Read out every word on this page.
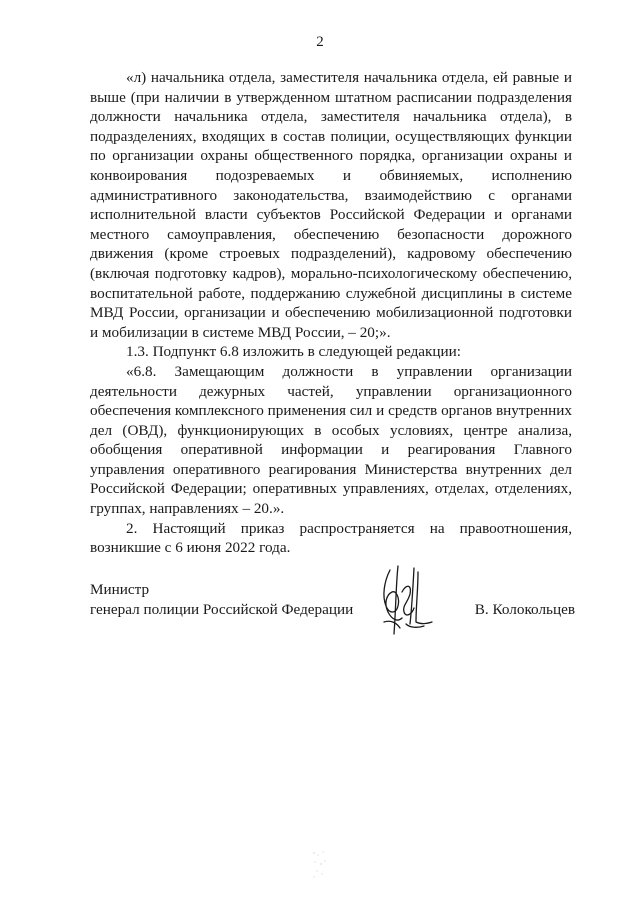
2

«л) начальника отдела, заместителя начальника отдела, ей равные и выше (при наличии в утвержденном штатном расписании подразделения должности начальника отдела, заместителя начальника отдела), в подразделениях, входящих в состав полиции, осуществляющих функции по организации охраны общественного порядка, организации охраны и конвоирования подозреваемых и обвиняемых, исполнению административного законодательства, взаимодействию с органами исполнительной власти субъектов Российской Федерации и органами местного самоуправления, обеспечению безопасности дорожного движения (кроме строевых подразделений), кадровому обеспечению (включая подготовку кадров), морально-психологическому обеспечению, воспитательной работе, поддержанию служебной дисциплины в системе МВД России, организации и обеспечению мобилизационной подготовки и мобилизации в системе МВД России, – 20;».

1.3. Подпункт 6.8 изложить в следующей редакции:

«6.8. Замещающим должности в управлении организации деятельности дежурных частей, управлении организационного обеспечения комплексного применения сил и средств органов внутренних дел (ОВД), функционирующих в особых условиях, центре анализа, обобщения оперативной информации и реагирования Главного управления оперативного реагирования Министерства внутренних дел Российской Федерации; оперативных управлениях, отделах, отделениях, группах, направлениях – 20.».

2. Настоящий приказ распространяется на правоотношения, возникшие с 6 июня 2022 года.

Министр
генерал полиции Российской Федерации	В. Колокольцев
